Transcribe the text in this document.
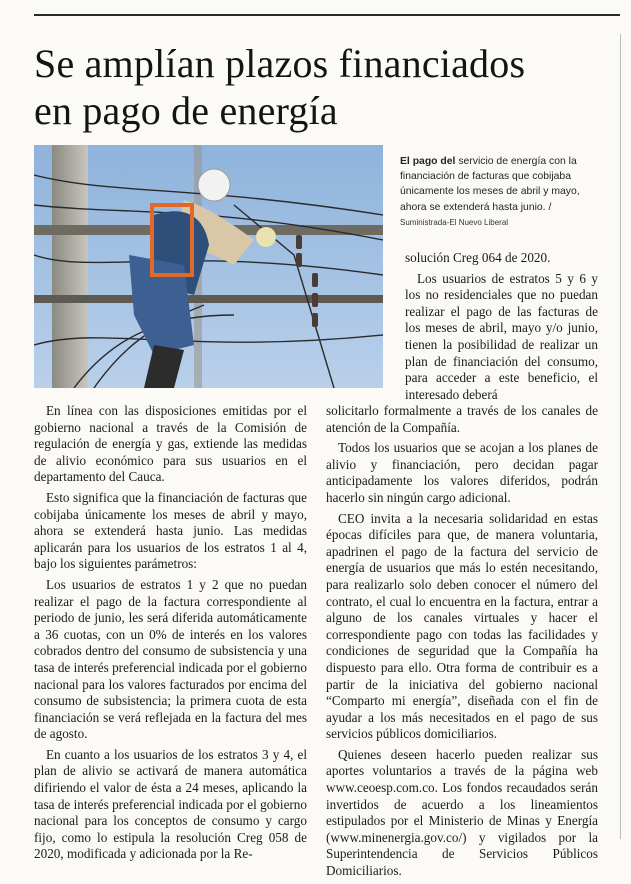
Se amplían plazos financiados
en pago de energía
El pago del servicio de energía con la financiación de facturas que cobijaba únicamente los meses de abril y mayo, ahora se extenderá hasta junio. /
Suministrada-El Nuevo Liberal

solución Creg 064 de 2020.

Los usuarios de estratos 5 y 6 y los no residenciales que no puedan realizar el pago de las facturas de los meses de abril, mayo y/o junio, tienen la posibilidad de realizar un plan de financiación del consumo, para acceder a este beneficio, el interesado deberá

En línea con las disposiciones emitidas por el gobierno nacional a través de la Comisión de regulación de energía y gas, extiende las medidas de alivio económico para sus usuarios en el departamento del Cauca.

Esto significa que la financiación de facturas que cobijaba únicamente los meses de abril y mayo, ahora se extenderá hasta junio. Las medidas aplicarán para los usuarios de los estratos 1 al 4, bajo los siguientes parámetros:

Los usuarios de estratos 1 y 2 que no puedan realizar el pago de la factura correspondiente al periodo de junio, les será diferida automáticamente a 36 cuotas, con un 0% de interés en los valores cobrados dentro del consumo de subsistencia y una tasa de interés preferencial indicada por el gobierno nacional para los valores facturados por encima del consumo de subsistencia; la primera cuota de esta financiación se verá reflejada en la factura del mes de agosto.

En cuanto a los usuarios de los estratos 3 y 4, el plan de alivio se activará de manera automática difiriendo el valor de ésta a 24 meses, aplicando la tasa de interés preferencial indicada por el gobierno nacional para los conceptos de consumo y cargo fijo, como lo estipula la resolución Creg 058 de 2020, modificada y adicionada por la Re-

solicitarlo formalmente a través de los canales de atención de la Compañía.

Todos los usuarios que se acojan a los planes de alivio y financiación, pero decidan pagar anticipadamente los valores diferidos, podrán hacerlo sin ningún cargo adicional.

CEO invita a la necesaria solidaridad en estas épocas difíciles para que, de manera voluntaria, apadrinen el pago de la factura del servicio de energía de usuarios que más lo estén necesitando, para realizarlo solo deben conocer el número del contrato, el cual lo encuentra en la factura, entrar a alguno de los canales virtuales y hacer el correspondiente pago con todas las facilidades y condiciones de seguridad que la Compañía ha dispuesto para ello. Otra forma de contribuir es a partir de la iniciativa del gobierno nacional “Comparto mi energía”, diseñada con el fin de ayudar a los más necesitados en el pago de sus servicios públicos domiciliarios.

Quienes deseen hacerlo pueden realizar sus aportes voluntarios a través de la página web www.ceoesp.com.co. Los fondos recaudados serán invertidos de acuerdo a los lineamientos estipulados por el Ministerio de Minas y Energía (www.minenergia.gov.co/) y vigilados por la Superintendencia de Servicios Públicos Domiciliarios.
